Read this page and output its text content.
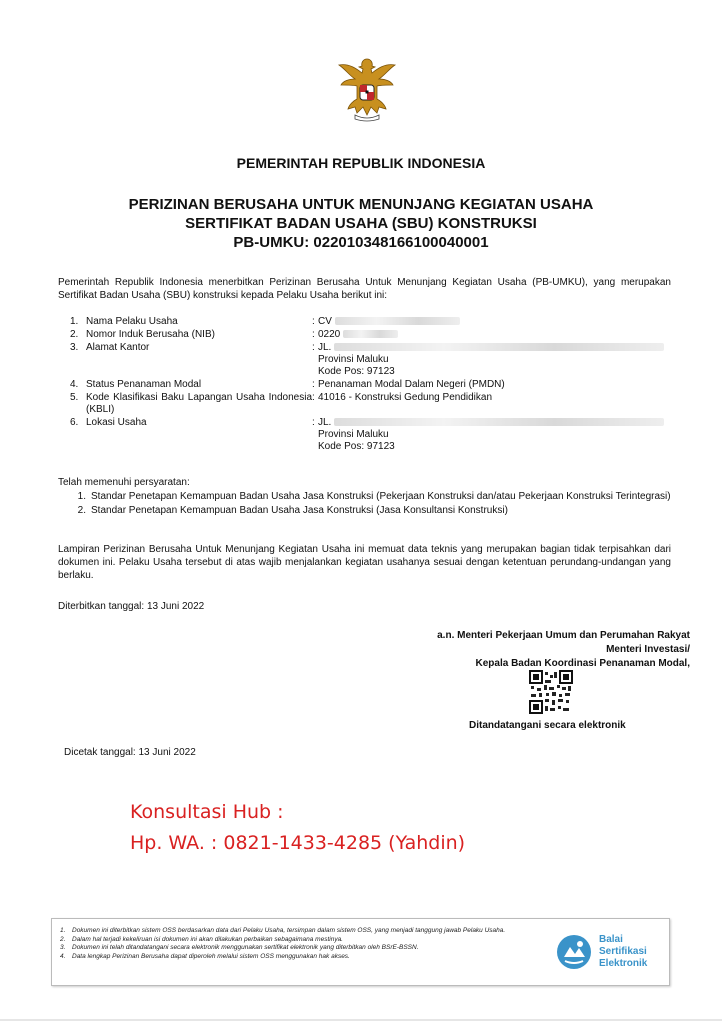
PEMERINTAH REPUBLIK INDONESIA
PERIZINAN BERUSAHA UNTUK MENUNJANG KEGIATAN USAHA
SERTIFIKAT BADAN USAHA (SBU) KONSTRUKSI
PB-UMKU: 022010348166100040001
Pemerintah Republik Indonesia menerbitkan Perizinan Berusaha Untuk Menunjang Kegiatan Usaha (PB-UMKU), yang merupakan Sertifikat Badan Usaha (SBU) konstruksi kepada Pelaku Usaha berikut ini:
1. Nama Pelaku Usaha	: CV
2. Nomor Induk Berusaha (NIB)	: 0220
3. Alamat Kantor	: JL.
Provinsi Maluku
Kode Pos: 97123
4. Status Penanaman Modal	: Penanaman Modal Dalam Negeri (PMDN)
5. Kode Klasifikasi Baku Lapangan Usaha Indonesia (KBLI)
: 41016 - Konstruksi Gedung Pendidikan
6. Lokasi Usaha	: JL.
Provinsi Maluku
Kode Pos: 97123
Telah memenuhi persyaratan:
1. Standar Penetapan Kemampuan Badan Usaha Jasa Konstruksi (Pekerjaan Konstruksi dan/atau Pekerjaan Konstruksi Terintegrasi)
2. Standar Penetapan Kemampuan Badan Usaha Jasa Konstruksi (Jasa Konsultansi Konstruksi)
Lampiran Perizinan Berusaha Untuk Menunjang Kegiatan Usaha ini memuat data teknis yang merupakan bagian tidak terpisahkan dari dokumen ini. Pelaku Usaha tersebut di atas wajib menjalankan kegiatan usahanya sesuai dengan ketentuan perundang-undangan yang berlaku.
Diterbitkan tanggal: 13 Juni 2022
a.n. Menteri Pekerjaan Umum dan Perumahan Rakyat
Menteri Investasi/
Kepala Badan Koordinasi Penanaman Modal,
Ditandatangani secara elektronik
Dicetak tanggal: 13 Juni 2022
Konsultasi Hub :
Hp. WA. : 0821-1433-4285 (Yahdin)
1.	Dokumen ini diterbitkan sistem OSS berdasarkan data dari Pelaku Usaha, tersimpan dalam sistem OSS, yang menjadi tanggung jawab Pelaku Usaha.
2.	Dalam hal terjadi kekeliruan isi dokumen ini akan dilakukan perbaikan sebagaimana mestinya.
3.	Dokumen ini telah ditandatangani secara elektronik menggunakan sertifikat elektronik yang diterbitkan oleh BSrE-BSSN.
4.	Data lengkap Perizinan Berusaha dapat diperoleh melalui sistem OSS menggunakan hak akses.
Balai
Sertifikasi
Elektronik
